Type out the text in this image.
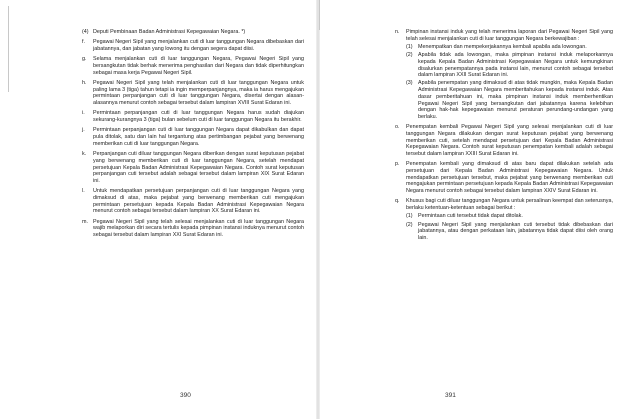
(4) Deputi Pembinaan Badan Administrasi Kepegawaian Negara. *)
f. Pegawai Negeri Sipil yang menjalankan cuti di luar tanggungan Negara dibebaskan dari jabatannya, dan jabatan yang lowong itu dengan segera dapat diisi.
g. Selama menjalankan cuti di luar tanggungan Negara, Pegawai Negeri Sipil yang bersangkutan tidak berhak menerima penghasilan dari Negara dan tidak diperhitungkan sebagai masa kerja Pegawai Negeri Sipil.
h. Pegawai Negeri Sipil yang telah menjalankan cuti di luar tanggungan Negara untuk paling lama 3 (tiga) tahun tetapi ia ingin memperpanjangnya, maka ia harus mengajukan permintaan perpanjangan cuti di luar tanggungan Negara, disertai dengan alasan-alasannya menurut contoh sebagai tersebut dalam lampiran XVIII Surat Edaran ini.
i. Permintaan perpanjangan cuti di luar tanggungan Negara harus sudah diajukan sekurang-kurangnya 3 (tiga) bulan sebelum cuti di luar tanggungan Negara itu berakhir.
j. Permintaan perpanjangan cuti di luar tanggungan Negara dapat dikabulkan dan dapat pula ditolak, satu dan lain hal tergantung atas pertimbangan pejabat yang berwenang memberikan cuti di luar tanggungan Negara.
k. Perpanjangan cuti diluar tanggungan Negara diberikan dengan surat keputusan pejabat yang berwenang memberikan cuti di luar tanggungan Negara, setelah mendapat persetujuan Kepala Badan Administrasi Kepegawaian Negara. Contoh surat keputusan perpanjangan cuti tersebut adalah sebagai tersebut dalam lampiran XIX Surat Edaran ini.
l. Untuk mendapatkan persetujuan perpanjangan cuti di luar tanggungan Negara yang dimaksud di atas, maka pejabat yang berwenang memberikan cuti mengajukan permintaan persetujuan kepada Kepala Badan Administrasi Kepegawaian Negara menurut contoh sebagai tersebut dalam lampiran XX Surat Edaran ini.
m. Pegawai Negeri Sipil yang telah selesai menjalankan cuti di luar tanggungan Negara wajib melaporkan diri secara tertulis kepada pimpinan instansi induknya menurut contoh sebagai tersebut dalam lampiran XXI Surat Edaran ini.
390
n. Pimpinan instansi induk yang telah menerima laporan dari Pegawai Negeri Sipil yang telah selesai menjalankan cuti di luar tanggungan Negara berkewajiban :
(1) Menempatkan dan mempekerjakannya kembali apabila ada lowongan.
(2) Apabila tidak ada lowongan, maka pimpinan instansi induk melaporkannya kepada Kepala Badan Administrasi Kepegawaian Negara untuk kemungkinan disalurkan penempatannya pada instansi lain, menurut contoh sebagai tersebut dalam lampiran XXII Surat Edaran ini.
(3) Apabila penempatan yang dimaksud di atas tidak mungkin, maka Kepala Badan Administrasi Kepegawaian Negara memberitahukan kepada instansi induk. Atas dasar pemberitahuan ini, maka pimpinan instansi induk memberhentikan Pegawai Negeri Sipil yang bersangkutan dari jabatannya karena kelebihan dengan hak-hak kepegawaian menurut peraturan perundang-undangan yang berlaku.
o. Penempatan kembali Pegawai Negeri Sipil yang selesai menjalankan cuti di luar tanggungan Negara dilakukan dengan surat keputusan pejabat yang berwenang memberikan cuti, setelah mendapat persetujuan dari Kepala Badan Administrasi Kepegawaian Negara. Contoh surat keputusan penempatan kembali adalah sebagai tersebut dalam lampiran XXIII Surat Edaran ini.
p. Penempatan kembali yang dimaksud di atas baru dapat dilakukan setelah ada persetujuan dari Kepala Badan Administrasi Kepegawaian Negara. Untuk mendapatkan persetujuan tersebut, maka pejabat yang berwenang memberikan cuti mengajukan permintaan persetujuan kepada Kepala Badan Administrasi Kepegawaian Negara menurut contoh sebagai tersebut dalam lampiran XXIV Surat Edaran ini.
q. Khusus bagi cuti diluar tanggungan Negara untuk persalinan keempat dan seterusnya, berlaku ketentuan-ketentuan sebagai berikut :
(1) Permintaan cuti tersebut tidak dapat ditolak.
(2) Pegawai Negeri Sipil yang menjalankan cuti tersebut tidak dibebaskan dari jabatannya, atau dengan perkataan lain, jabatannya tidak dapat diisi oleh orang lain.
391
